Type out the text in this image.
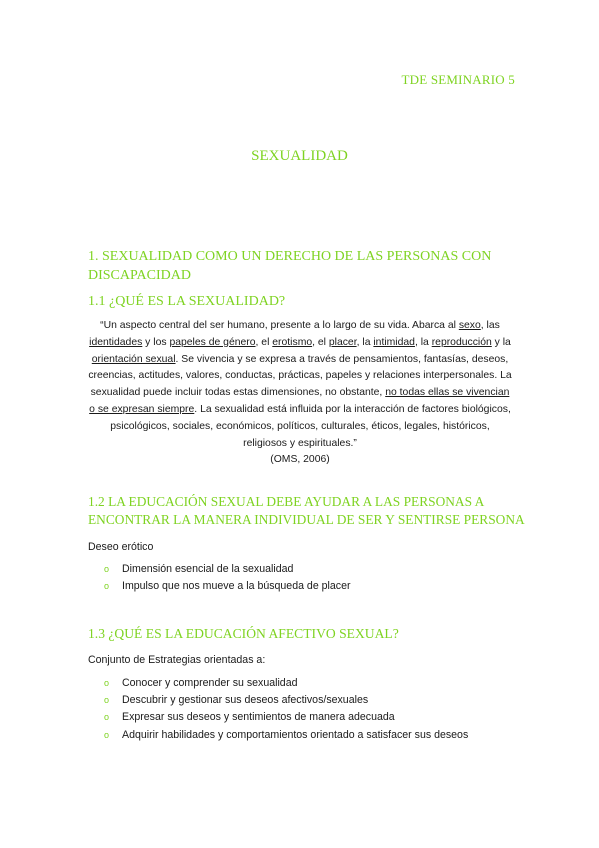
TDE SEMINARIO 5
SEXUALIDAD
1. SEXUALIDAD COMO UN DERECHO DE LAS PERSONAS CON DISCAPACIDAD
1.1 ¿QUÉ ES LA SEXUALIDAD?
“Un aspecto central del ser humano, presente a lo largo de su vida. Abarca al sexo, las identidades y los papeles de género, el erotismo, el placer, la intimidad, la reproducción y la orientación sexual. Se vivencia y se expresa a través de pensamientos, fantasías, deseos, creencias, actitudes, valores, conductas, prácticas, papeles y relaciones interpersonales. La sexualidad puede incluir todas estas dimensiones, no obstante, no todas ellas se vivencian o se expresan siempre. La sexualidad está influida por la interacción de factores biológicos, psicológicos, sociales, económicos, políticos, culturales, éticos, legales, históricos, religiosos y espirituales.”
(OMS, 2006)
1.2 LA EDUCACIÓN SEXUAL DEBE AYUDAR A LAS PERSONAS A ENCONTRAR LA MANERA INDIVIDUAL DE SER Y SENTIRSE PERSONA
Deseo erótico
o Dimensión esencial de la sexualidad
o Impulso que nos mueve a la búsqueda de placer
1.3 ¿QUÉ ES LA EDUCACIÓN AFECTIVO SEXUAL?
Conjunto de Estrategias orientadas a:
o Conocer y comprender su sexualidad
o Descubrir y gestionar sus deseos afectivos/sexuales
o Expresar sus deseos y sentimientos de manera adecuada
o Adquirir habilidades y comportamientos orientado a satisfacer sus deseos
